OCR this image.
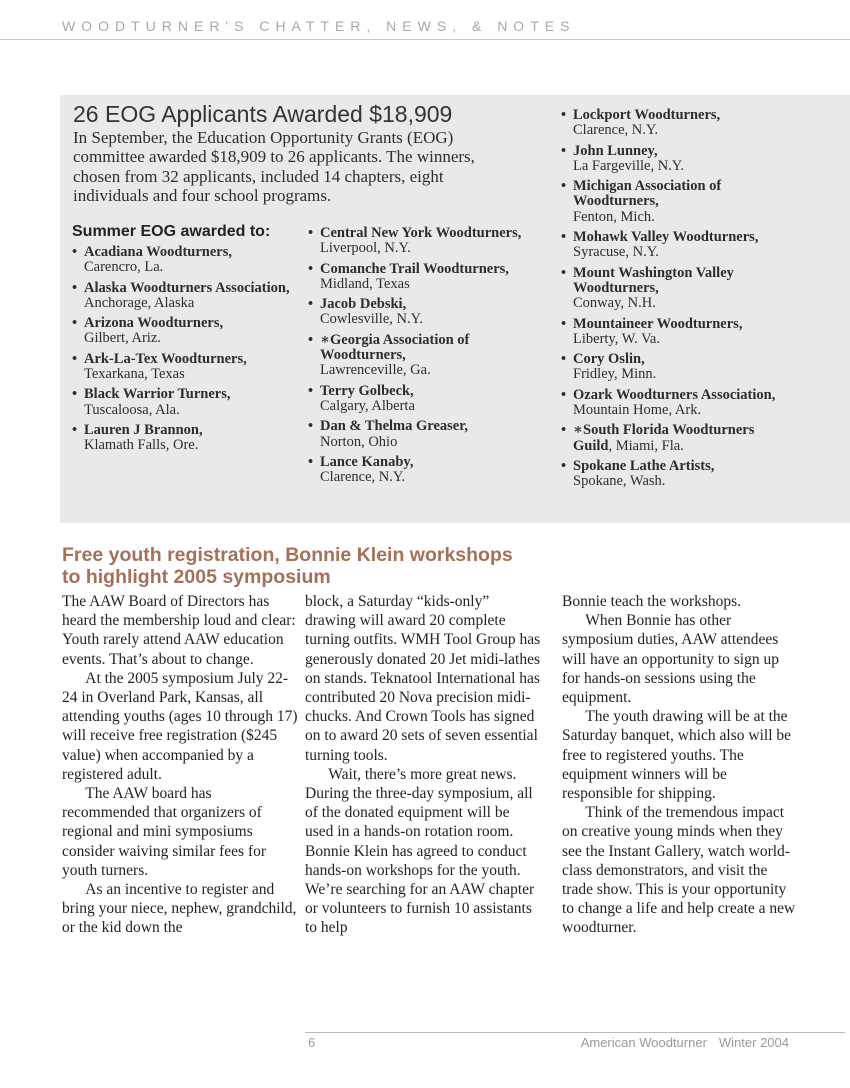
WOODTURNER'S CHATTER, NEWS, & NOTES
26 EOG Applicants Awarded $18,909

In September, the Education Opportunity Grants (EOG) committee awarded $18,909 to 26 applicants. The winners, chosen from 32 applicants, included 14 chapters, eight individuals and four school programs.

Summer EOG awarded to:
• Acadiana Woodturners,
Carencro, La.
• Alaska Woodturners Association,
Anchorage, Alaska
• Arizona Woodturners,
Gilbert, Ariz.
• Ark-La-Tex Woodturners,
Texarkana, Texas
• Black Warrior Turners,
Tuscaloosa, Ala.
• Lauren J Brannon,
Klamath Falls, Ore.
• Central New York Woodturners, Liverpool, N.Y.
• Comanche Trail Woodturners,
Midland, Texas
• Jacob Debski,
Cowlesville, N.Y.
• ∗Georgia Association of Woodturners,
Lawrenceville, Ga.
• Terry Golbeck,
Calgary, Alberta
• Dan & Thelma Greaser,
Norton, Ohio
• Lance Kanaby,
Clarence, N.Y.
• Lockport Woodturners,
Clarence, N.Y.
• John Lunney,
La Fargeville, N.Y.
• Michigan Association of Woodturners,
Fenton, Mich.
• Mohawk Valley Woodturners,
Syracuse, N.Y.
• Mount Washington Valley Woodturners,
Conway, N.H.
• Mountaineer Woodturners,
Liberty, W. Va.
• Cory Oslin,
Fridley, Minn.
• Ozark Woodturners Association,
Mountain Home, Ark.
• ∗South Florida Woodturners Guild, Miami, Fla.
• Spokane Lathe Artists,
Spokane, Wash.
Free youth registration, Bonnie Klein workshops
to highlight 2005 symposium

The AAW Board of Directors has heard the membership loud and clear: Youth rarely attend AAW education events. That’s about to change.

At the 2005 symposium July 22-24 in Overland Park, Kansas, all attending youths (ages 10 through 17) will receive free registration ($245 value) when accompanied by a registered adult.

The AAW board has recommended that organizers of regional and mini symposiums consider waiving similar fees for youth turners.

As an incentive to register and bring your niece, nephew, grandchild, or the kid down the

block, a Saturday “kids-only” drawing will award 20 complete turning outfits. WMH Tool Group has generously donated 20 Jet midi-lathes on stands. Teknatool International has contributed 20 Nova precision midi-chucks. And Crown Tools has signed on to award 20 sets of seven essential turning tools.

Wait, there’s more great news. During the three-day symposium, all of the donated equipment will be used in a hands-on rotation room. Bonnie Klein has agreed to conduct hands-on workshops for the youth. We’re searching for an AAW chapter or volunteers to furnish 10 assistants to help

Bonnie teach the workshops.

When Bonnie has other symposium duties, AAW attendees will have an opportunity to sign up for hands-on sessions using the equipment.

The youth drawing will be at the Saturday banquet, which also will be free to registered youths. The equipment winners will be responsible for shipping.

Think of the tremendous impact on creative young minds when they see the Instant Gallery, watch world-class demonstrators, and visit the trade show. This is your opportunity to change a life and help create a new woodturner.

6	American Woodturner Winter 2004
